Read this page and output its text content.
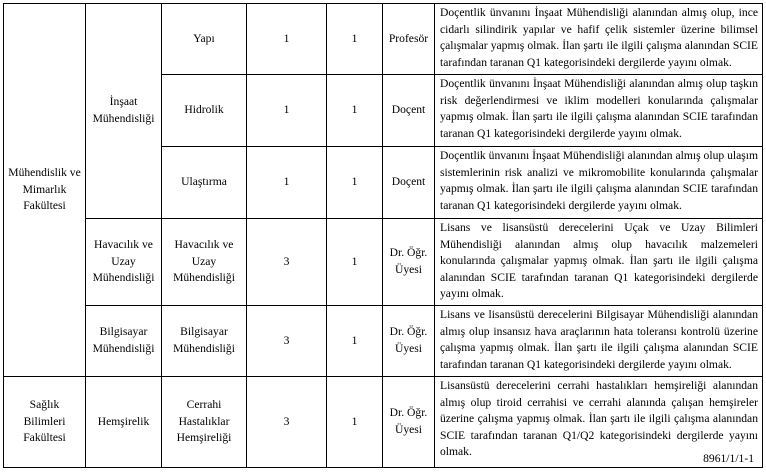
Mühendislik ve Mimarlık Fakültesi	İnşaat Mühendisliği	Yapı	1	1	Profesör	Doçentlik ünvanını İnşaat Mühendisliği alanından almış olup, ince cidarlı silindirik yapılar ve hafif çelik sistemler üzerine bilimsel çalışmalar yapmış olmak. İlan şartı ile ilgili çalışma alanından SCIE tarafından taranan Q1 kategorisindeki dergilerde yayını olmak.
		Hidrolik	1	1	Doçent	Doçentlik ünvanını İnşaat Mühendisliği alanından almış olup taşkın risk değerlendirmesi ve iklim modelleri konularında çalışmalar yapmış olmak. İlan şartı ile ilgili çalışma alanından SCIE tarafından taranan Q1 kategorisindeki dergilerde yayını olmak.
		Ulaştırma	1	1	Doçent	Doçentlik ünvanını İnşaat Mühendisliği alanından almış olup ulaşım sistemlerinin risk analizi ve mikromobilite konularında çalışmalar yapmış olmak. İlan şartı ile ilgili çalışma alanından SCIE tarafından taranan Q1 kategorisindeki dergilerde yayını olmak.
	Havacılık ve Uzay Mühendisliği	Havacılık ve Uzay Mühendisliği	3	1	Dr. Öğr. Üyesi	Lisans ve lisansüstü derecelerini Uçak ve Uzay Bilimleri Mühendisliği alanından almış olup havacılık malzemeleri konularında çalışmalar yapmış olmak. İlan şartı ile ilgili çalışma alanından SCIE tarafından taranan Q1 kategorisindeki dergilerde yayını olmak.
	Bilgisayar Mühendisliği	Bilgisayar Mühendisliği	3	1	Dr. Öğr. Üyesi	Lisans ve lisansüstü derecelerini Bilgisayar Mühendisliği alanından almış olup insansız hava araçlarının hata toleransı kontrolü üzerine çalışma yapmış olmak. İlan şartı ile ilgili çalışma alanından SCIE tarafından taranan Q1 kategorisindeki dergilerde yayını olmak.
Sağlık Bilimleri Fakültesi	Hemşirelik	Cerrahi Hastalıklar Hemşireliği	3	1	Dr. Öğr. Üyesi	Lisansüstü derecelerini cerrahi hastalıkları hemşireliği alanından almış olup tiroid cerrahisi ve cerrahi alanında çalışan hemşireler üzerine çalışma yapmış olmak. İlan şartı ile ilgili çalışma alanından SCIE tarafından taranan Q1/Q2 kategorisindeki dergilerde yayını olmak.
8961/1/1-1
